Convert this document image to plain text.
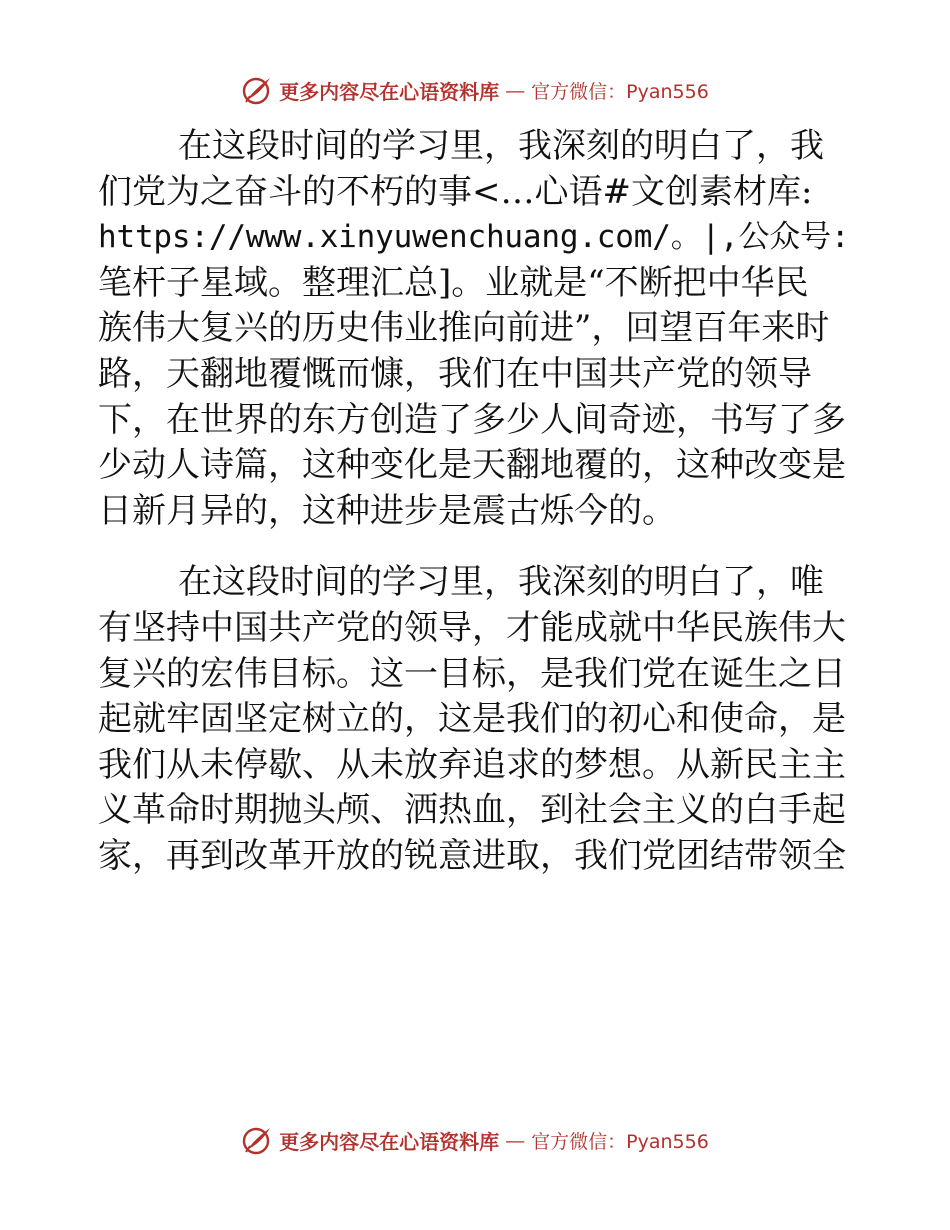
更多内容尽在心语资料库 — 官方微信：Pyan556

在这段时间的学习里，我深刻的明白了，我
们党为之奋斗的不朽的事<…心语#文创素材库:
https://www.xinyuwenchuang.com/。|,公众号:
笔杆子星域。整理汇总]。业就是“不断把中华民
族伟大复兴的历史伟业推向前进”，回望百年来时
路，天翻地覆慨而慷，我们在中国共产党的领导
下，在世界的东方创造了多少人间奇迹，书写了多
少动人诗篇，这种变化是天翻地覆的，这种改变是
日新月异的，这种进步是震古烁今的。

在这段时间的学习里，我深刻的明白了，唯
有坚持中国共产党的领导，才能成就中华民族伟大
复兴的宏伟目标。这一目标，是我们党在诞生之日
起就牢固坚定树立的，这是我们的初心和使命，是
我们从未停歇、从未放弃追求的梦想。从新民主主
义革命时期抛头颅、洒热血，到社会主义的白手起
家，再到改革开放的锐意进取，我们党团结带领全

更多内容尽在心语资料库 — 官方微信：Pyan556
